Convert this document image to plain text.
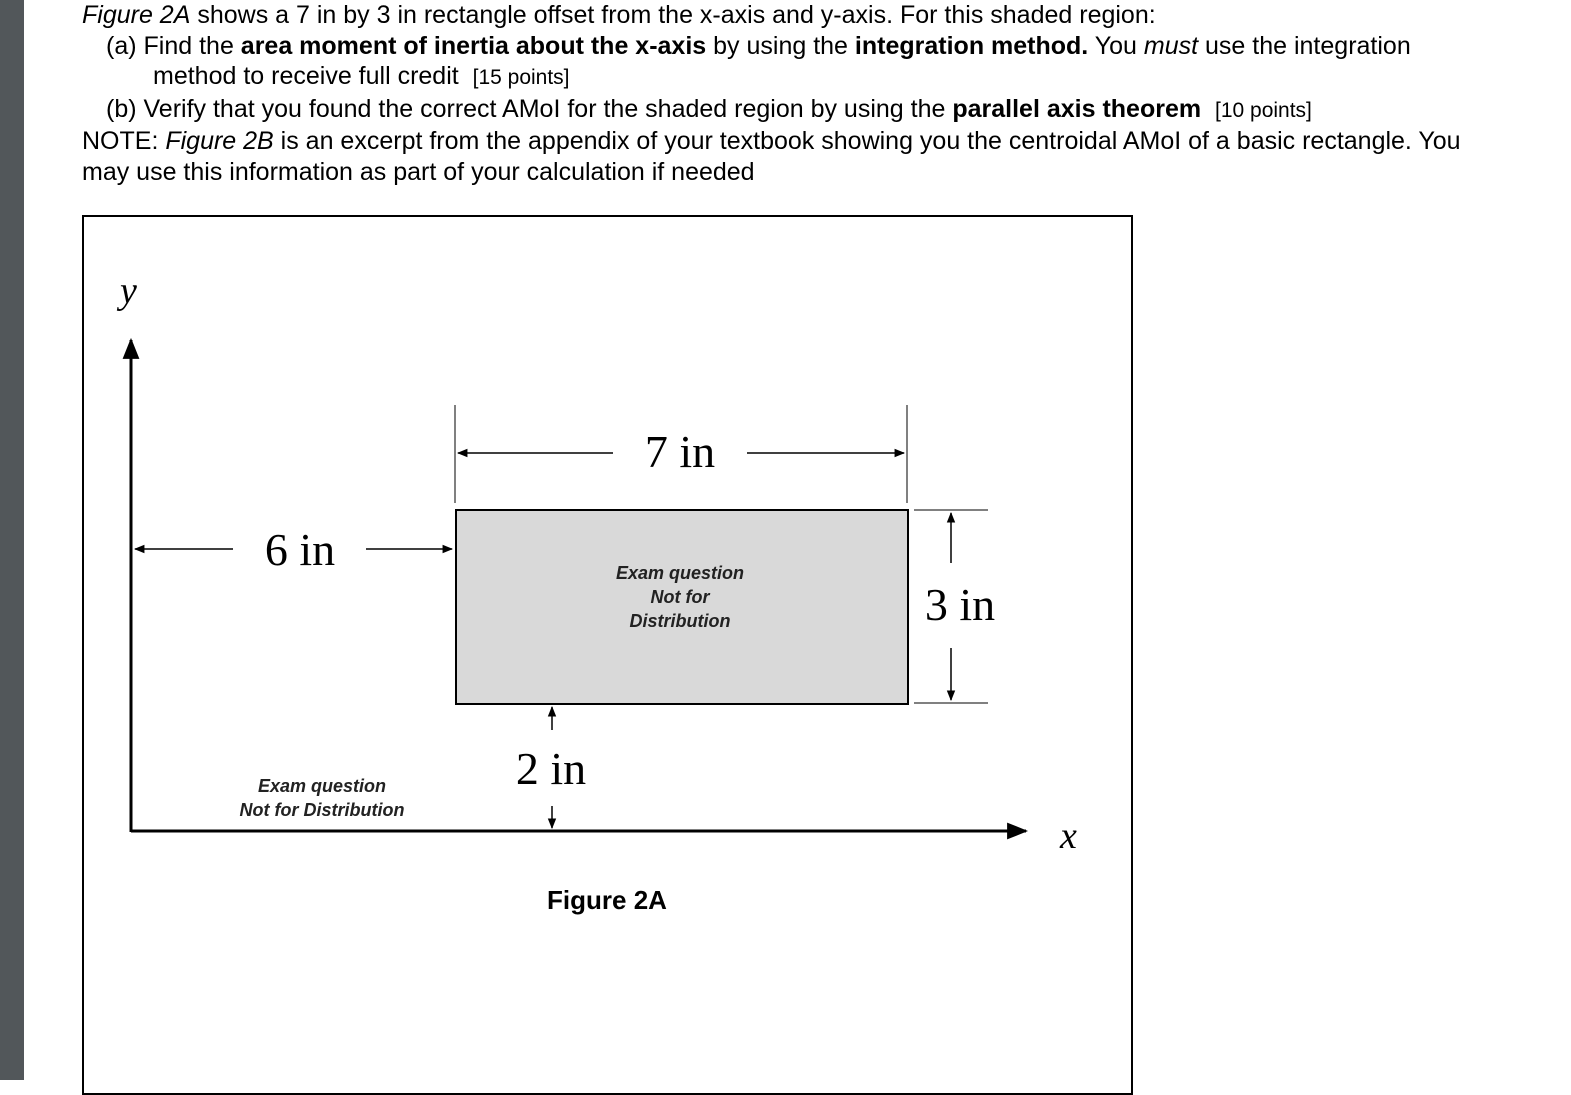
Figure 2A shows a 7 in by 3 in rectangle offset from the x-axis and y-axis. For this shaded region:
(a) Find the area moment of inertia about the x-axis by using the integration method. You must use the integration
method to receive full credit [15 points]
(b) Verify that you found the correct AMoI for the shaded region by using the parallel axis theorem [10 points]
NOTE: Figure 2B is an excerpt from the appendix of your textbook showing you the centroidal AMoI of a basic rectangle. You
may use this information as part of your calculation if needed
y
x
Exam question
Not for
Distribution
7 in
3 in
6 in
2 in
Exam question
Not for Distribution
Figure 2A
